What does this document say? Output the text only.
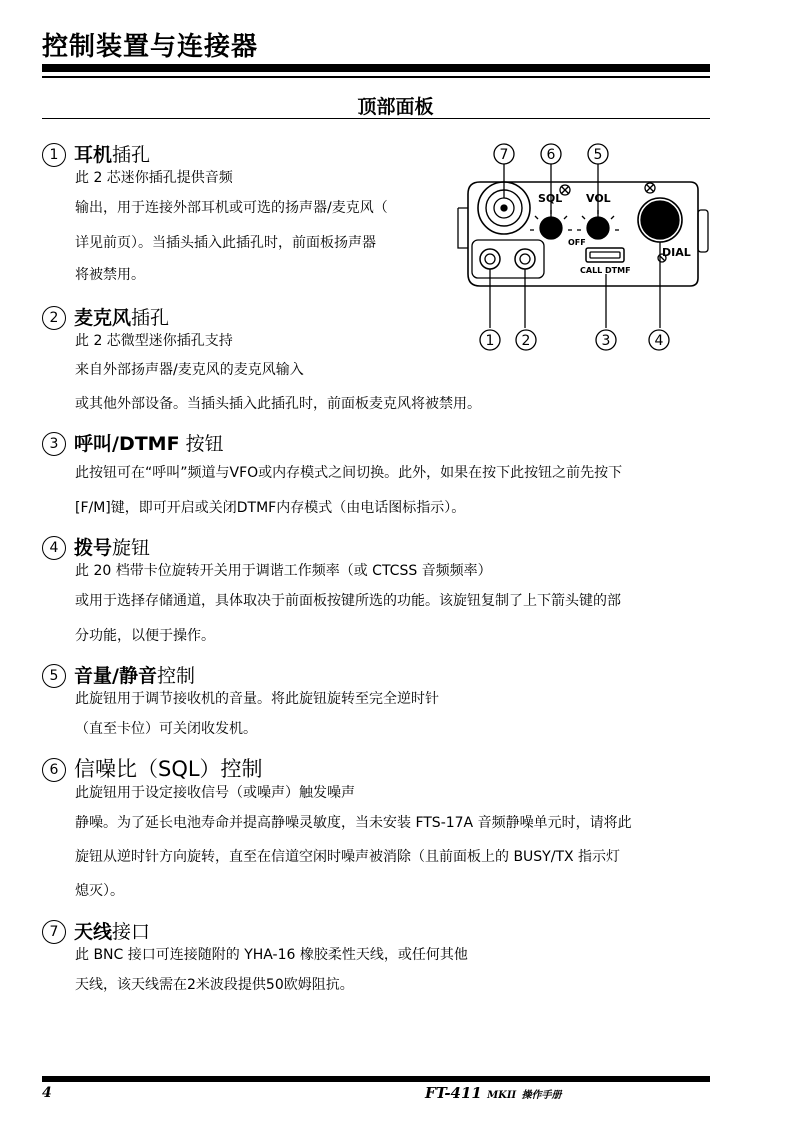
控制装置与连接器
顶部面板
1 耳机插孔
此 2 芯迷你插孔提供音频
输出，用于连接外部耳机或可选的扬声器/麦克风（
详见前页）。当插头插入此插孔时，前面板扬声器
将被禁用。
2 麦克风插孔
此 2 芯微型迷你插孔支持
来自外部扬声器/麦克风的麦克风输入
或其他外部设备。当插头插入此插孔时，前面板麦克风将被禁用。
3 呼叫/DTMF 按钮
此按钮可在“呼叫”频道与VFO或内存模式之间切换。此外，如果在按下此按钮之前先按下
[F/M]键，即可开启或关闭DTMF内存模式（由电话图标指示）。
4 拨号旋钮
此 20 档带卡位旋转开关用于调谐工作频率（或 CTCSS 音频频率）
或用于选择存储通道，具体取决于前面板按键所选的功能。该旋钮复制了上下箭头键的部
分功能，以便于操作。
5 音量/静音控制
此旋钮用于调节接收机的音量。将此旋钮旋转至完全逆时针
（直至卡位）可关闭收发机。
6 信噪比（SQL）控制
此旋钮用于设定接收信号（或噪声）触发噪声
静噪。为了延长电池寿命并提高静噪灵敏度，当未安装 FTS-17A 音频静噪单元时，请将此
旋钮从逆时针方向旋转，直至在信道空闲时噪声被消除（且前面板上的 BUSY/TX 指示灯
熄灭）。
7 天线接口
此 BNC 接口可连接随附的 YHA-16 橡胶柔性天线，或任何其他
天线，该天线需在2米波段提供50欧姆阻抗。
7	6	5
SQL VOL
OFF
CALL DTMF
DIAL
1 2	3	4
4	FT-411 MKII 操作手册
